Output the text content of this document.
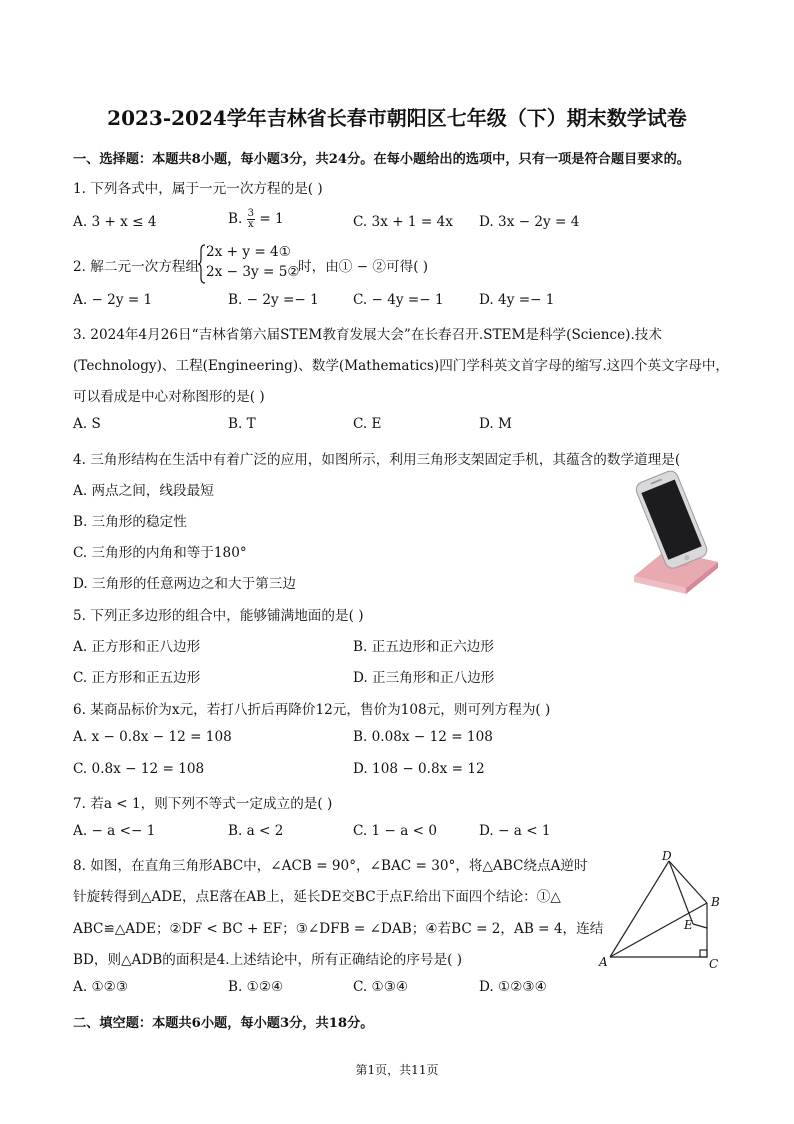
2023-2024学年吉林省长春市朝阳区七年级（下）期末数学试卷
一、选择题：本题共8小题，每小题3分，共24分。在每小题给出的选项中，只有一项是符合题目要求的。
1. 下列各式中，属于一元一次方程的是( )
A. 3 + x ≤ 4	B. $\frac{3}{x} = 1$	C. 3x + 1 = 4x D. 3x − 2y = 4
2. 解二元一次方程组
2x + y = 4①
2x − 3y = 5②
时，由① − ②可得( )
A. − 2y = 1	B. − 2y =− 1	C. − 4y =− 1	D. 4y =− 1
3. 2024年4月26日“吉林省第六届STEM教育发展大会”在长春召开.STEM是科学(Science).技术
(Technology)、工程(Engineering)、数学(Mathematics)四门学科英文首字母的缩写.这四个英文字母中，
可以看成是中心对称图形的是( )
A. S	B. T	C. E	D. M
4. 三角形结构在生活中有着广泛的应用，如图所示，利用三角形支架固定手机，其蕴含的数学道理是(
A. 两点之间，线段最短
B. 三角形的稳定性
C. 三角形的内角和等于180°
D. 三角形的任意两边之和大于第三边
5. 下列正多边形的组合中，能够铺满地面的是( )
A. 正方形和正八边形	B. 正五边形和正六边形
C. 正方形和正五边形	D. 正三角形和正八边形
6. 某商品标价为x元，若打八折后再降价12元，售价为108元，则可列方程为( )
A. x − 0.8x − 12 = 108	B. 0.08x − 12 = 108
C. 0.8x − 12 = 108	D. 108 − 0.8x = 12
7. 若a < 1，则下列不等式一定成立的是( )
A. − a <− 1	B. a < 2	C. 1 − a < 0	D. − a < 1
8. 如图，在直角三角形ABC中，∠ACB = 90°，∠BAC = 30°，将△ABC绕点A逆时
针旋转得到△ADE，点E落在AB上，延长DE交BC于点F.给出下面四个结论：①△
ABC≌△ADE；②DF < BC + EF；③∠DFB = ∠DAB；④若BC = 2，AB = 4，连结
BD，则△ADB的面积是4.上述结论中，所有正确结论的序号是( )
A. ①②③	B. ①②④	C. ①③④	D. ①②③④
D
B
E
A	C
二、填空题：本题共6小题，每小题3分，共18分。
第1页，共11页
